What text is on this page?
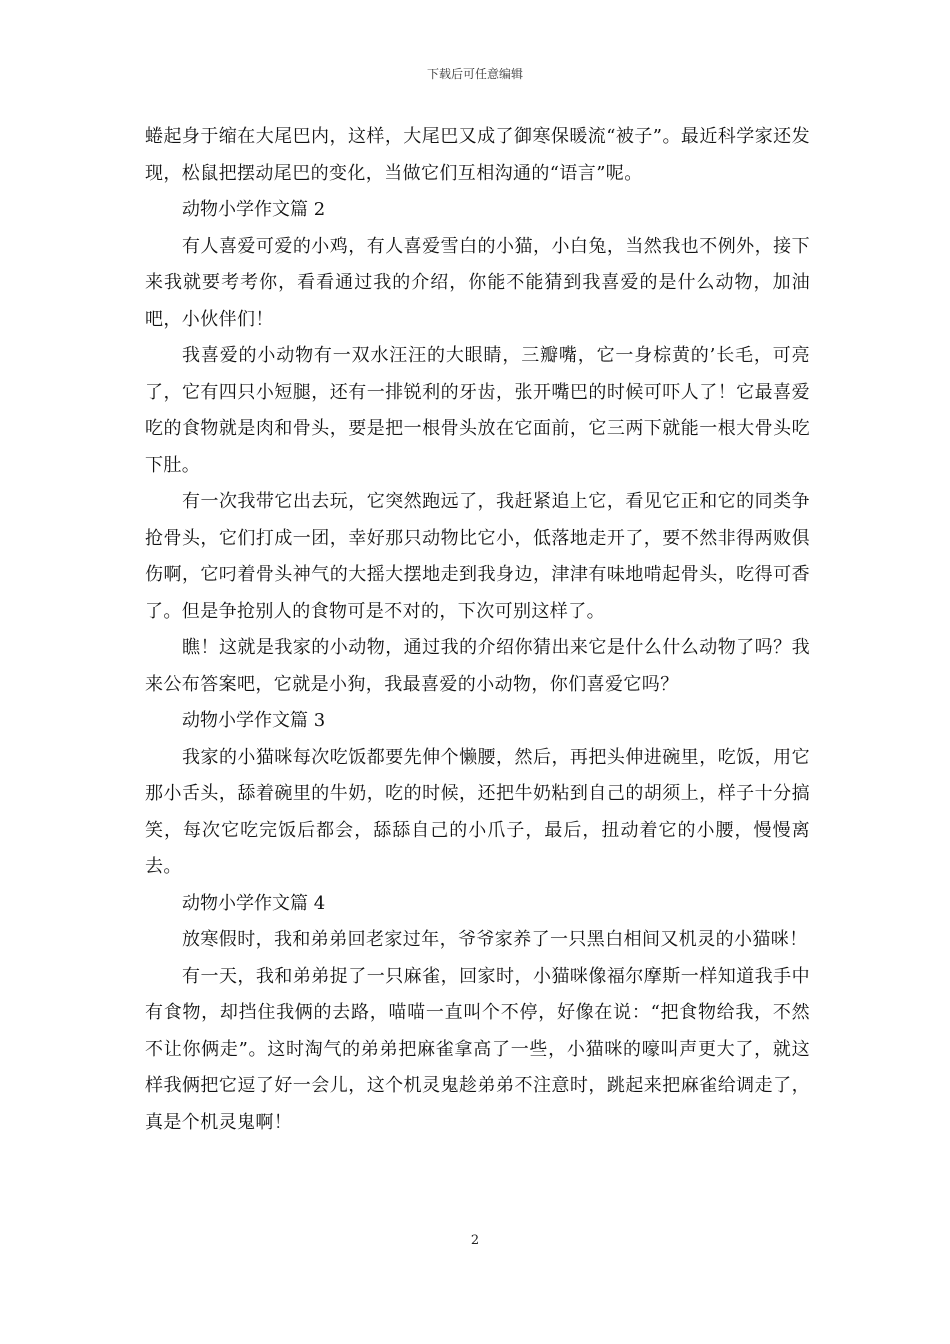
下载后可任意编辑

蜷起身于缩在大尾巴内，这样，大尾巴又成了御寒保暖流“被子”。最近科学家还发现，松鼠把摆动尾巴的变化，当做它们互相沟通的“语言”呢。

动物小学作文篇 2

有人喜爱可爱的小鸡，有人喜爱雪白的小猫，小白兔，当然我也不例外，接下来我就要考考你，看看通过我的介绍，你能不能猜到我喜爱的是什么动物，加油吧，小伙伴们！

我喜爱的小动物有一双水汪汪的大眼睛，三瓣嘴，它一身棕黄的’长毛，可亮了，它有四只小短腿，还有一排锐利的牙齿，张开嘴巴的时候可吓人了！它最喜爱吃的食物就是肉和骨头，要是把一根骨头放在它面前，它三两下就能一根大骨头吃下肚。

有一次我带它出去玩，它突然跑远了，我赶紧追上它，看见它正和它的同类争抢骨头，它们打成一团，幸好那只动物比它小，低落地走开了，要不然非得两败俱伤啊，它叼着骨头神气的大摇大摆地走到我身边，津津有味地啃起骨头，吃得可香了。但是争抢别人的食物可是不对的，下次可别这样了。

瞧！这就是我家的小动物，通过我的介绍你猜出来它是什么什么动物了吗？我来公布答案吧，它就是小狗，我最喜爱的小动物，你们喜爱它吗？

动物小学作文篇 3

我家的小猫咪每次吃饭都要先伸个懒腰，然后，再把头伸进碗里，吃饭，用它那小舌头，舔着碗里的牛奶，吃的时候，还把牛奶粘到自己的胡须上，样子十分搞笑，每次它吃完饭后都会，舔舔自己的小爪子，最后，扭动着它的小腰，慢慢离去。

动物小学作文篇 4

放寒假时，我和弟弟回老家过年，爷爷家养了一只黑白相间又机灵的小猫咪！

有一天，我和弟弟捉了一只麻雀，回家时，小猫咪像福尔摩斯一样知道我手中有食物，却挡住我俩的去路，喵喵一直叫个不停，好像在说：“把食物给我，不然不让你俩走”。这时淘气的弟弟把麻雀拿高了一些，小猫咪的嚎叫声更大了，就这样我俩把它逗了好一会儿，这个机灵鬼趁弟弟不注意时，跳起来把麻雀给调走了，真是个机灵鬼啊！

2
